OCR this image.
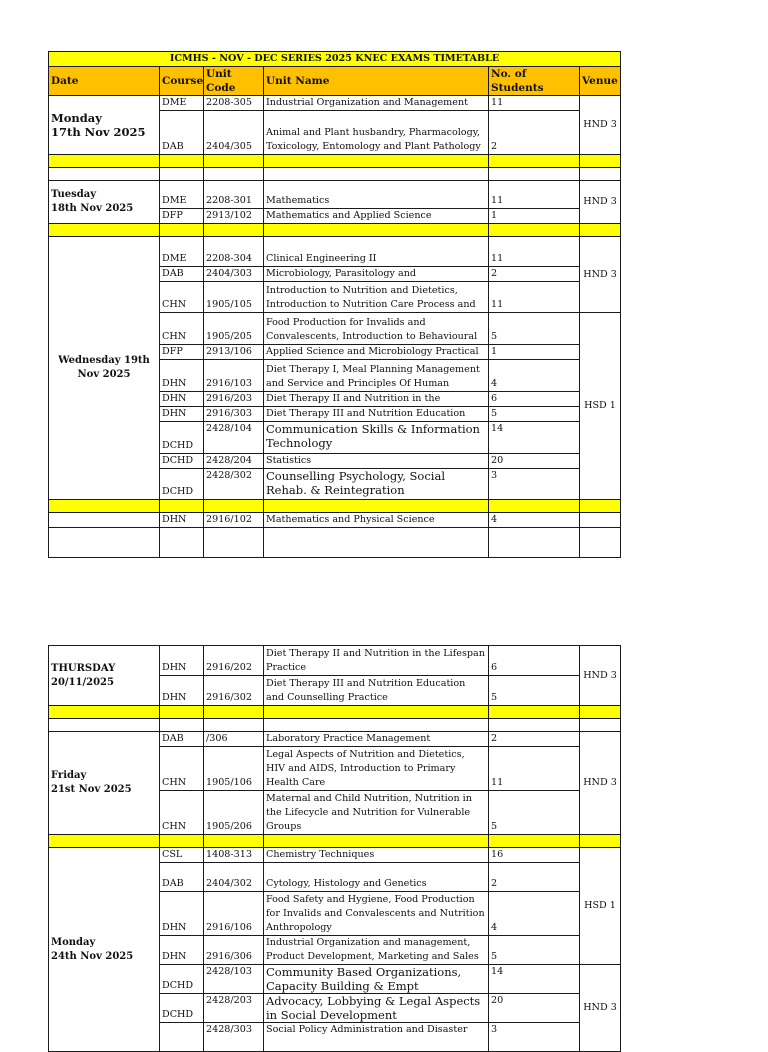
ICMHS - NOV - DEC SERIES 2025 KNEC EXAMS TIMETABLE					
Date	Course	Unit Code	Unit Name	No. of Students	Venue

Monday
17th Nov 2025	DME	2208-305	Industrial Organization and Management	11	HND 3
	DAB	2404/305	Animal and Plant husbandry, Pharmacology, Toxicology, Entomology and Plant Pathology	2	

Tuesday
18th Nov 2025	DME	2208-301	Mathematics	11	HND 3
	DFP	2913/102	Mathematics and Applied Science	1	

Wednesday 19th
Nov 2025	DME	2208-304	Clinical Engineering II	11	HND 3
	DAB	2404/303	Microbiology, Parasitology and	2	
	CHN	1905/105	Introduction to Nutrition and Dietetics, Introduction to Nutrition Care Process and	11	
	CHN	1905/205	Food Production for Invalids and Convalescents, Introduction to Behavioural	5	HSD 1
	DFP	2913/106	Applied Science and Microbiology Practical	1	
	DHN	2916/103	Diet Therapy I, Meal Planning Management and Service and Principles Of Human	4	
	DHN	2916/203	Diet Therapy II and Nutrition in the	6	
	DHN	2916/303	Diet Therapy III and Nutrition Education	5	
	DCHD	2428/104	Communication Skills & Information Technology	14	
	DCHD	2428/204	Statistics	20	
	DCHD	2428/302	Counselling Psychology, Social Rehab. & Reintegration	3	

	DHN	2916/102	Mathematics and Physical Science	4	

THURSDAY
20/11/2025	DHN	2916/202	Diet Therapy II and Nutrition in the Lifespan Practice	6	HND 3
	DHN	2916/302	Diet Therapy III and Nutrition Education and Counselling Practice	5	

Friday
21st Nov 2025	DAB	/306	Laboratory Practice Management	2	HND 3
	CHN	1905/106	Legal Aspects of Nutrition and Dietetics, HIV and AIDS, Introduction to Primary Health Care	11	
	CHN	1905/206	Maternal and Child Nutrition, Nutrition in the Lifecycle and Nutrition for Vulnerable Groups	5	

Monday
24th Nov 2025	CSL	1408-313	Chemistry Techniques	16	HSD 1
	DAB	2404/302	Cytology, Histology and Genetics	2	
	DHN	2916/106	Food Safety and Hygiene, Food Production for Invalids and Convalescents and Nutrition Anthropology	4	
	DHN	2916/306	Industrial Organization and management, Product Development, Marketing and Sales	5	
	DCHD	2428/103	Community Based Organizations, Capacity Building & Empt	14	HND 3
	DCHD	2428/203	Advocacy, Lobbying & Legal Aspects in Social Development	20	
		2428/303	Social Policy Administration and Disaster	3	
